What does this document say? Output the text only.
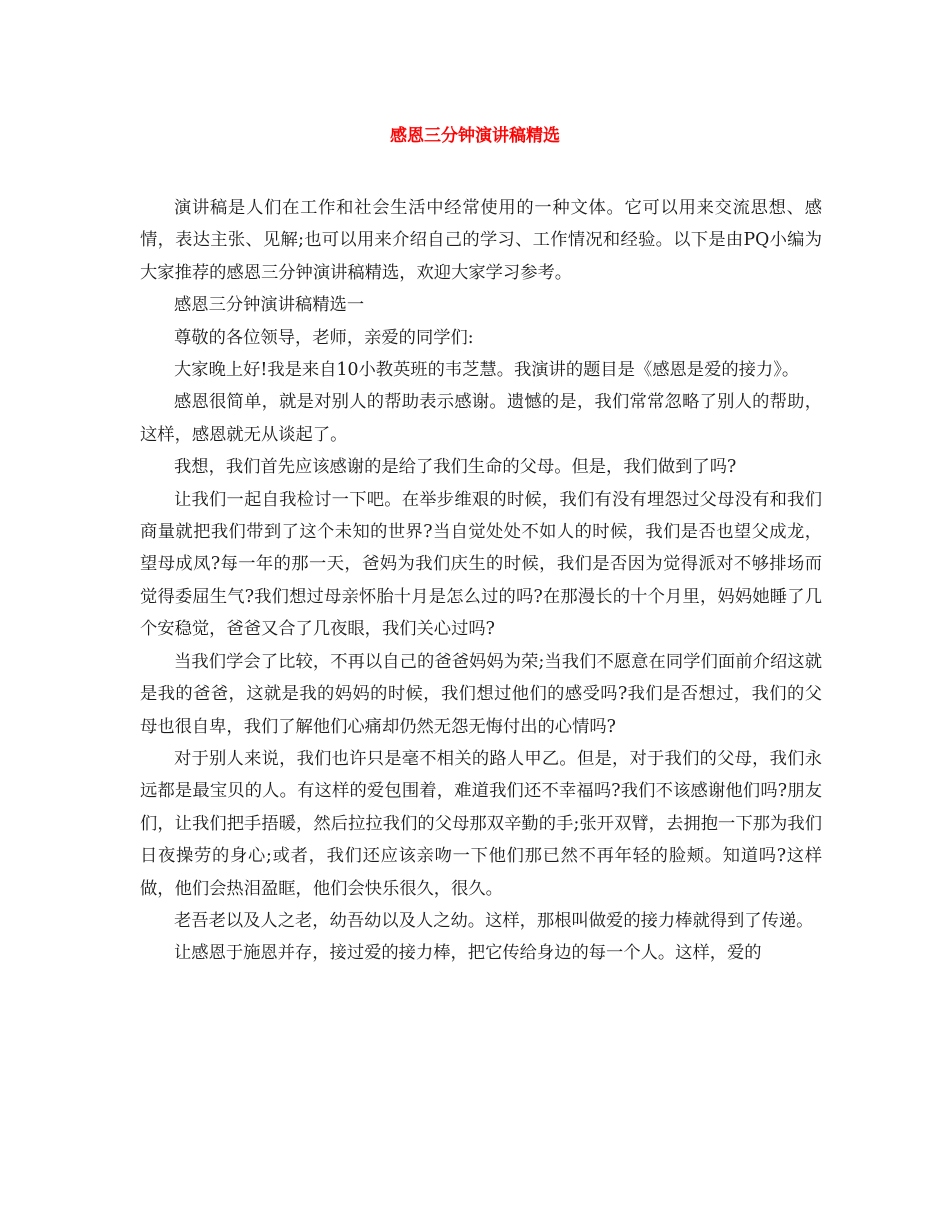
感恩三分钟演讲稿精选

演讲稿是人们在工作和社会生活中经常使用的一种文体。它可以用来交流思想、感情，表达主张、见解;也可以用来介绍自己的学习、工作情况和经验。以下是由PQ小编为大家推荐的感恩三分钟演讲稿精选，欢迎大家学习参考。

感恩三分钟演讲稿精选一

尊敬的各位领导，老师，亲爱的同学们:

大家晚上好!我是来自10小教英班的韦芝慧。我演讲的题目是《感恩是爱的接力》。

感恩很简单，就是对别人的帮助表示感谢。遗憾的是，我们常常忽略了别人的帮助，这样，感恩就无从谈起了。

我想，我们首先应该感谢的是给了我们生命的父母。但是，我们做到了吗?

让我们一起自我检讨一下吧。在举步维艰的时候，我们有没有埋怨过父母没有和我们商量就把我们带到了这个未知的世界?当自觉处处不如人的时候，我们是否也望父成龙，望母成凤?每一年的那一天，爸妈为我们庆生的时候，我们是否因为觉得派对不够排场而觉得委屈生气?我们想过母亲怀胎十月是怎么过的吗?在那漫长的十个月里，妈妈她睡了几个安稳觉，爸爸又合了几夜眼，我们关心过吗?

当我们学会了比较，不再以自己的爸爸妈妈为荣;当我们不愿意在同学们面前介绍这就是我的爸爸，这就是我的妈妈的时候，我们想过他们的感受吗?我们是否想过，我们的父母也很自卑，我们了解他们心痛却仍然无怨无悔付出的心情吗?

对于别人来说，我们也许只是毫不相关的路人甲乙。但是，对于我们的父母，我们永远都是最宝贝的人。有这样的爱包围着，难道我们还不幸福吗?我们不该感谢他们吗?朋友们，让我们把手捂暖，然后拉拉我们的父母那双辛勤的手;张开双臂，去拥抱一下那为我们日夜操劳的身心;或者，我们还应该亲吻一下他们那已然不再年轻的脸颊。知道吗?这样做，他们会热泪盈眶，他们会快乐很久，很久。

老吾老以及人之老，幼吾幼以及人之幼。这样，那根叫做爱的接力棒就得到了传递。

让感恩于施恩并存，接过爱的接力棒，把它传给身边的每一个人。这样，爱的
